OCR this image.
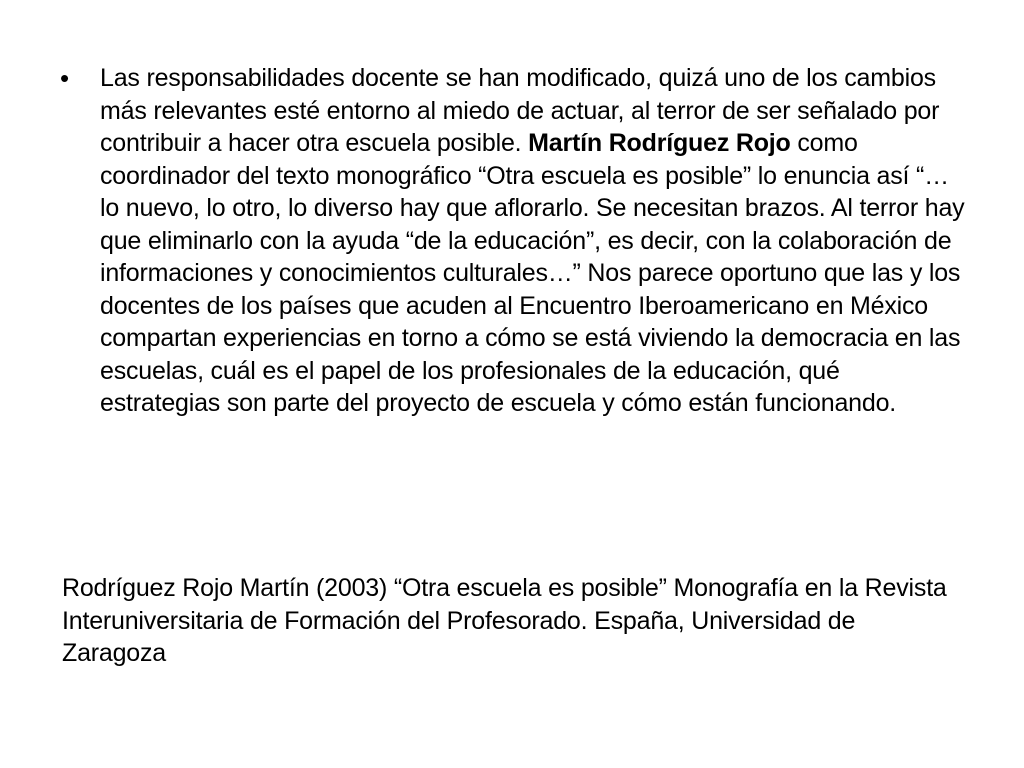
•	Las responsabilidades docente se han modificado, quizá uno de los cambios más relevantes esté entorno al miedo de actuar, al terror de ser señalado por contribuir a hacer otra escuela posible. Martín Rodríguez Rojo como coordinador del texto monográfico “Otra escuela es posible” lo enuncia así “… lo nuevo, lo otro, lo diverso hay que aflorarlo. Se necesitan brazos. Al terror hay que eliminarlo con la ayuda “de la educación”, es decir, con la colaboración de informaciones y conocimientos culturales…” Nos parece oportuno que las y los docentes de los países que acuden al Encuentro Iberoamericano en México compartan experiencias en torno a cómo se está viviendo la democracia en las escuelas, cuál es el papel de los profesionales de la educación, qué estrategias son parte del proyecto de escuela y cómo están funcionando.

Rodríguez Rojo Martín (2003) “Otra escuela es posible” Monografía en la Revista Interuniversitaria de Formación del Profesorado. España, Universidad de Zaragoza
